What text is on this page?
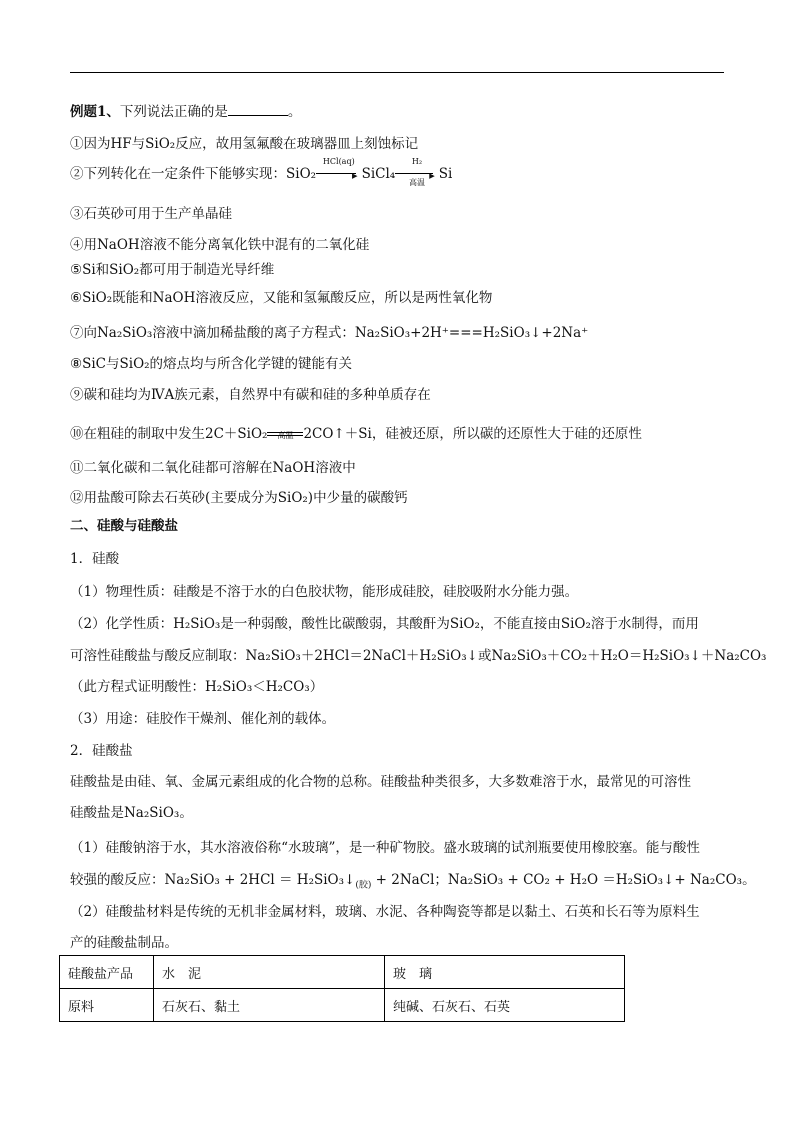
例题1、下列说法正确的是	。
①因为HF与SiO₂反应，故用氢氟酸在玻璃器皿上刻蚀标记
②下列转化在一定条件下能够实现：SiO₂
HCl(aq)
▸ SiCl₄
H₂
高温
▸ Si
③石英砂可用于生产单晶硅
④用NaOH溶液不能分离氧化铁中混有的二氧化硅
⑤Si和SiO₂都可用于制造光导纤维
⑥SiO₂既能和NaOH溶液反应，又能和氢氟酸反应，所以是两性氧化物
⑦向Na₂SiO₃溶液中滴加稀盐酸的离子方程式：Na₂SiO₃+2H⁺===H₂SiO₃↓+2Na⁺
⑧SiC与SiO₂的熔点均与所含化学键的键能有关
⑨碳和硅均为ⅣA族元素，自然界中有碳和硅的多种单质存在
⑩在粗硅的制取中发生2C＋SiO₂	高温 2CO↑＋Si，硅被还原，所以碳的还原性大于硅的还原性
⑪二氧化碳和二氧化硅都可溶解在NaOH溶液中
⑫用盐酸可除去石英砂(主要成分为SiO₂)中少量的碳酸钙
二、硅酸与硅酸盐
1．硅酸
（1）物理性质：硅酸是不溶于水的白色胶状物，能形成硅胶，硅胶吸附水分能力强。
（2）化学性质：H₂SiO₃是一种弱酸，酸性比碳酸弱，其酸酐为SiO₂，不能直接由SiO₂溶于水制得，而用
可溶性硅酸盐与酸反应制取：Na₂SiO₃＋2HCl＝2NaCl＋H₂SiO₃↓或Na₂SiO₃＋CO₂＋H₂O＝H₂SiO₃↓＋Na₂CO₃
（此方程式证明酸性：H₂SiO₃＜H₂CO₃）
（3）用途：硅胶作干燥剂、催化剂的载体。
2．硅酸盐
硅酸盐是由硅、氧、金属元素组成的化合物的总称。硅酸盐种类很多，大多数难溶于水，最常见的可溶性
硅酸盐是Na₂SiO₃。
（1）硅酸钠溶于水，其水溶液俗称“水玻璃”，是一种矿物胶。盛水玻璃的试剂瓶要使用橡胶塞。能与酸性
较强的酸反应：$Na_2SiO_3 + 2HCl = H_2SiO_3↓_{(胶)}$ + 2NaCl；Na₂SiO₃ + CO₂ + H₂O ＝H₂SiO₃↓+ Na₂CO₃。
（2）硅酸盐材料是传统的无机非金属材料，玻璃、水泥、各种陶瓷等都是以黏土、石英和长石等为原料生
产的硅酸盐制品。
硅酸盐产品	水　泥	玻　璃
原料	石灰石、黏土	纯碱、石灰石、石英
